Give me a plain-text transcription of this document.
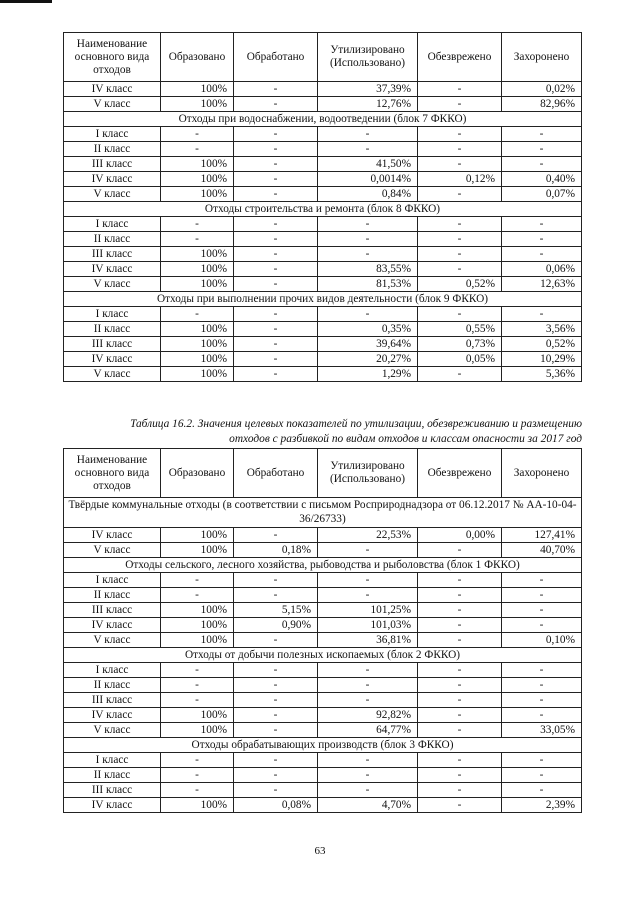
Наименование основного вида отходов	Образовано	Обработано	Утилизировано (Использовано)	Обезврежено	Захоронено
IV класс	100%	-	37,39%	-	0,02%
V класс	100%	-	12,76%	-	82,96%
Отходы при водоснабжении, водоотведении (блок 7 ФККО)					
I класс	-	-	-	-	-
II класс	-	-	-	-	-
III класс	100%	-	41,50%	-	-
IV класс	100%	-	0,0014%	0,12%	0,40%
V класс	100%	-	0,84%	-	0,07%
Отходы строительства и ремонта (блок 8 ФККО)					
I класс	-	-	-	-	-
II класс	-	-	-	-	-
III класс	100%	-	-	-	-
IV класс	100%	-	83,55%	-	0,06%
V класс	100%	-	81,53%	0,52%	12,63%
Отходы при выполнении прочих видов деятельности (блок 9 ФККО)					
I класс	-	-	-	-	-
II класс	100%	-	0,35%	0,55%	3,56%
III класс	100%	-	39,64%	0,73%	0,52%
IV класс	100%	-	20,27%	0,05%	10,29%
V класс	100%	-	1,29%	-	5,36%
Таблица 16.2. Значения целевых показателей по утилизации, обезвреживанию и размещению
отходов с разбивкой по видам отходов и классам опасности за 2017 год
Наименование основного вида отходов	Образовано	Обработано	Утилизировано (Использовано)	Обезврежено	Захоронено
Твёрдые коммунальные отходы (в соответствии с письмом Росприроднадзора от 06.12.2017 № АА-10-04-36/26733)					
IV класс	100%	-	22,53%	0,00%	127,41%
V класс	100%	0,18%	-	-	40,70%
Отходы сельского, лесного хозяйства, рыбоводства и рыболовства (блок 1 ФККО)					
I класс	-	-	-	-	-
II класс	-	-	-	-	-
III класс	100%	5,15%	101,25%	-	-
IV класс	100%	0,90%	101,03%	-	-
V класс	100%	-	36,81%	-	0,10%
Отходы от добычи полезных ископаемых (блок 2 ФККО)					
I класс	-	-	-	-	-
II класс	-	-	-	-	-
III класс	-	-	-	-	-
IV класс	100%	-	92,82%	-	-
V класс	100%	-	64,77%	-	33,05%
Отходы обрабатывающих производств (блок 3 ФККО)					
I класс	-	-	-	-	-
II класс	-	-	-	-	-
III класс	-	-	-	-	-
IV класс	100%	0,08%	4,70%	-	2,39%
63
